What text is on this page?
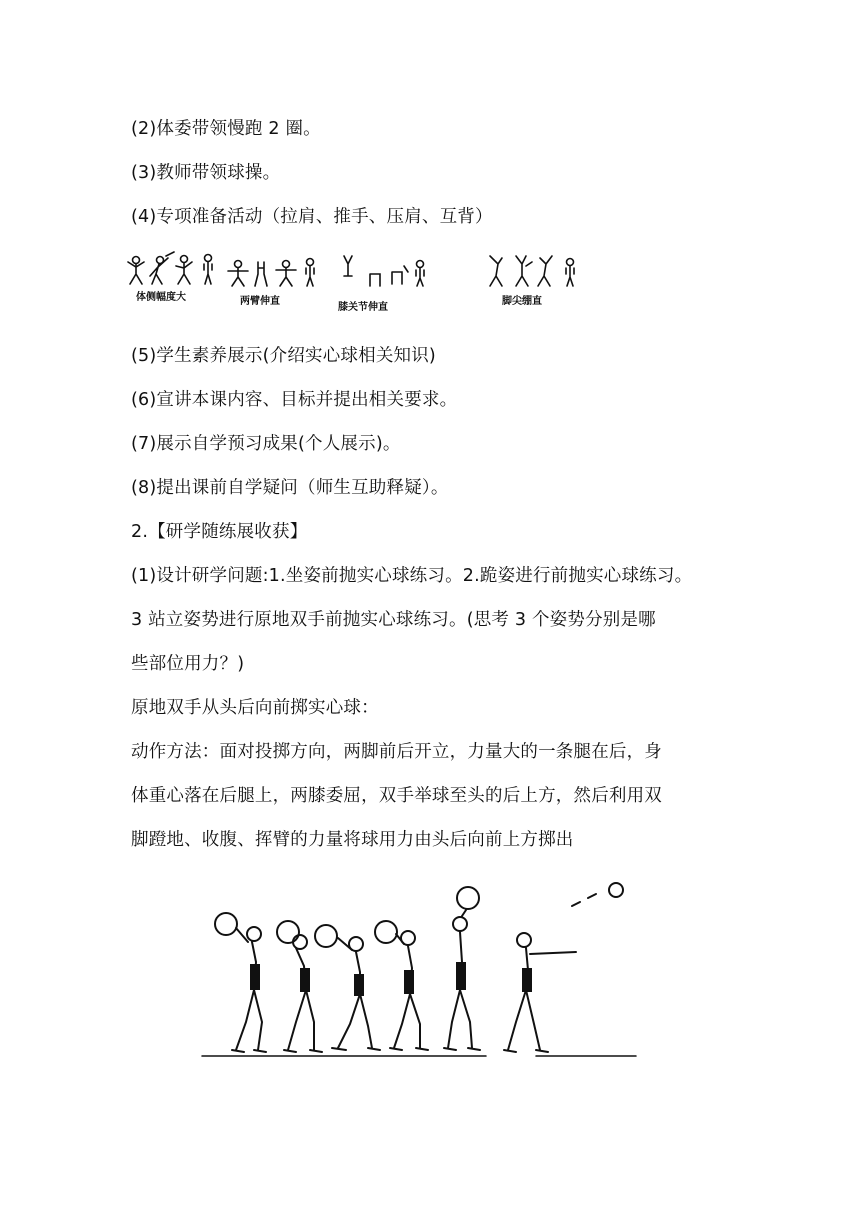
(2)体委带领慢跑 2 圈。
(3)教师带领球操。
(4)专项准备活动（拉肩、推手、压肩、互背）
体侧幅度大	两臂伸直
膝关节伸直
脚尖绷直
(5)学生素养展示(介绍实心球相关知识)
(6)宣讲本课内容、目标并提出相关要求。
(7)展示自学预习成果(个人展示)。
(8)提出课前自学疑问（师生互助释疑）。
2.【研学随练展收获】
(1)设计研学问题:1.坐姿前抛实心球练习。2.跪姿进行前抛实心球练习。
3 站立姿势进行原地双手前抛实心球练习。(思考 3 个姿势分别是哪
些部位用力？)
原地双手从头后向前掷实心球：
动作方法：面对投掷方向，两脚前后开立，力量大的一条腿在后，身
体重心落在后腿上，两膝委屈，双手举球至头的后上方，然后利用双
脚蹬地、收腹、挥臂的力量将球用力由头后向前上方掷出
